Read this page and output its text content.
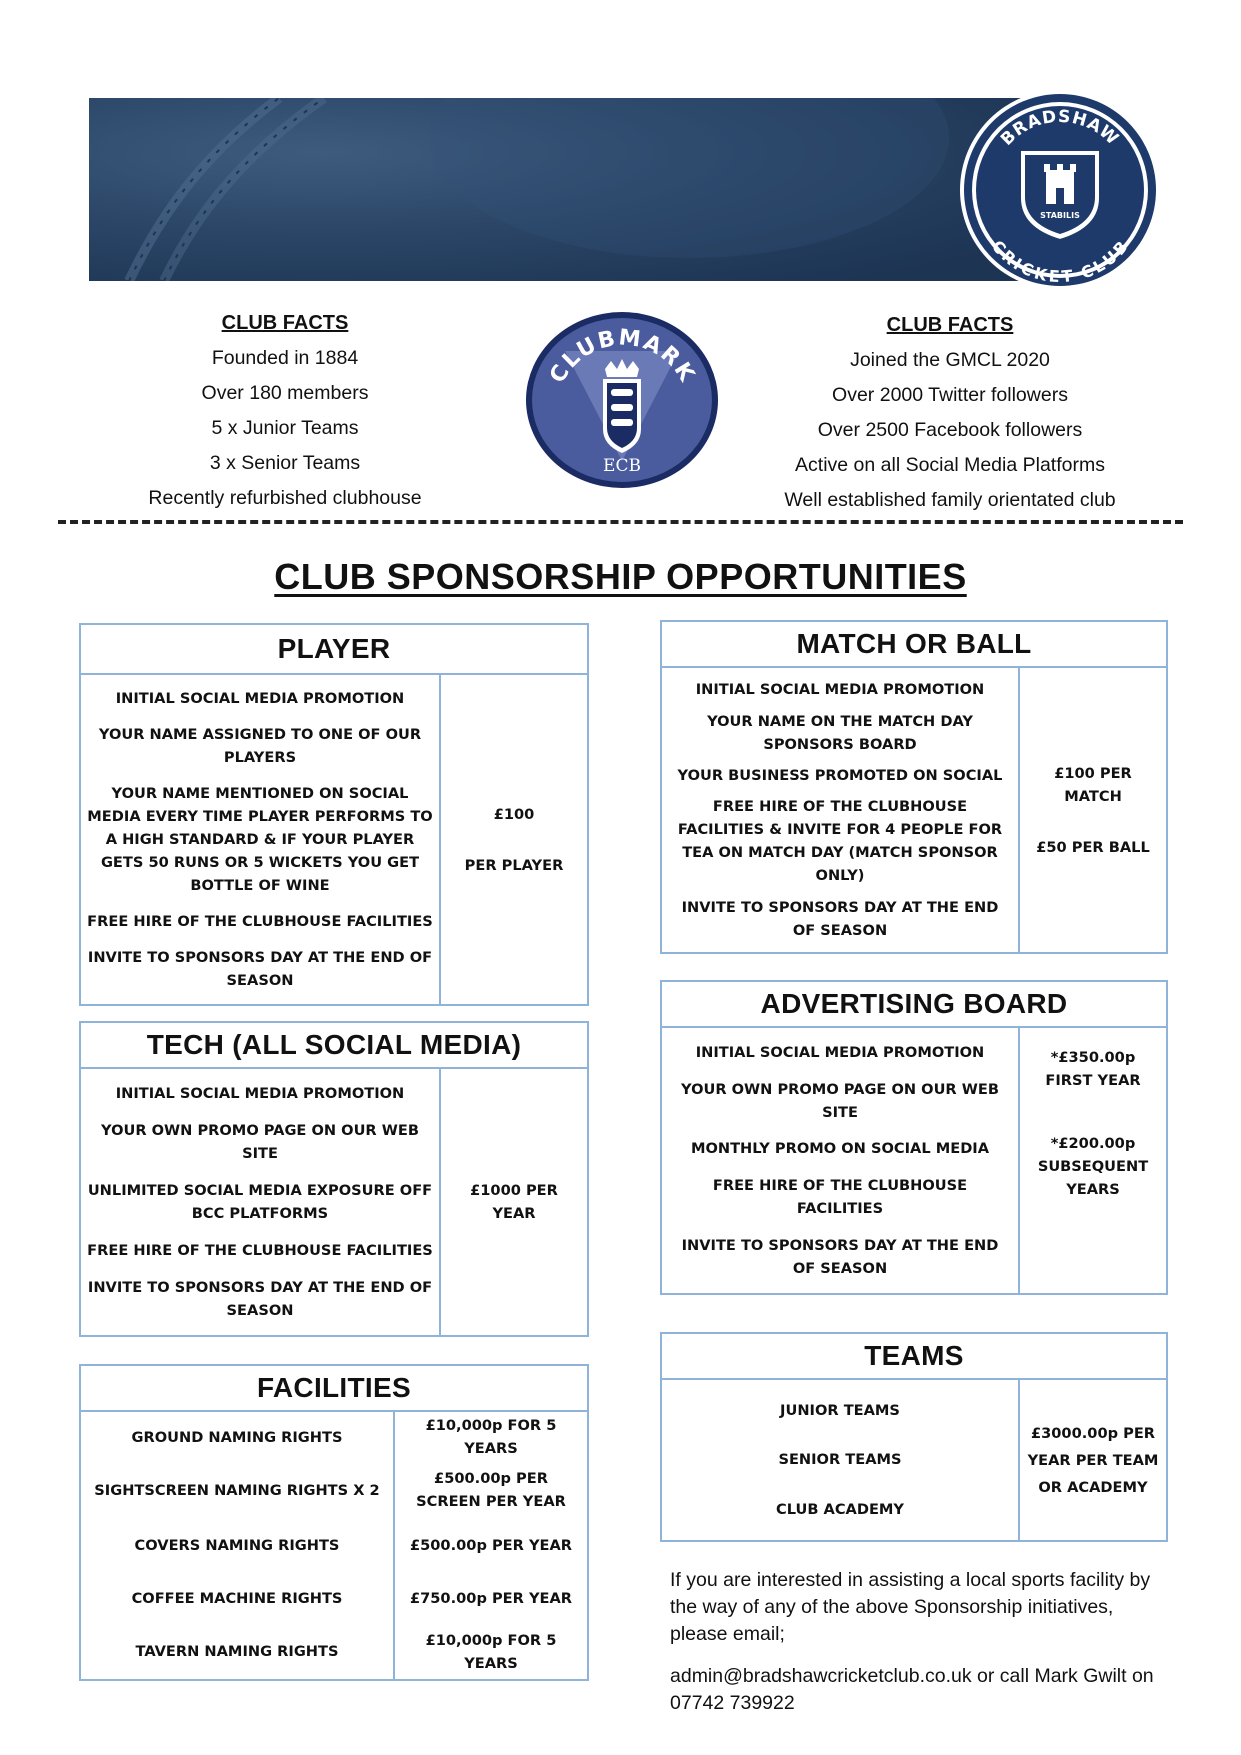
BRADSHAW
CRICKET CLUB
STABILIS
CLUB FACTS
Founded in 1884
Over 180 members
5 x Junior Teams
3 x Senior Teams
Recently refurbished clubhouse
CLUBMARK
ECB
CLUB FACTS
Joined the GMCL 2020
Over 2000 Twitter followers
Over 2500 Facebook followers
Active on all Social Media Platforms
Well established family orientated club
CLUB SPONSORSHIP OPPORTUNITIES
PLAYER
INITIAL SOCIAL MEDIA PROMOTION
YOUR NAME ASSIGNED TO ONE OF OUR PLAYERS
YOUR NAME MENTIONED ON SOCIAL MEDIA EVERY TIME PLAYER PERFORMS TO A HIGH STANDARD & IF YOUR PLAYER GETS 50 RUNS OR 5 WICKETS YOU GET BOTTLE OF WINE
FREE HIRE OF THE CLUBHOUSE FACILITIES
INVITE TO SPONSORS DAY AT THE END OF SEASON
£100
PER PLAYER
TECH (ALL SOCIAL MEDIA)
INITIAL SOCIAL MEDIA PROMOTION
YOUR OWN PROMO PAGE ON OUR WEB SITE
UNLIMITED SOCIAL MEDIA EXPOSURE OFF BCC PLATFORMS
FREE HIRE OF THE CLUBHOUSE FACILITIES
INVITE TO SPONSORS DAY AT THE END OF SEASON
£1000 PER YEAR
FACILITIES
GROUND NAMING RIGHTS
£10,000p FOR 5 YEARS
SIGHTSCREEN NAMING RIGHTS X 2
£500.00p PER SCREEN PER YEAR
COVERS NAMING RIGHTS	£500.00p PER YEAR
COFFEE MACHINE RIGHTS	£750.00p PER YEAR
TAVERN NAMING RIGHTS
£10,000p FOR 5 YEARS
MATCH OR BALL
INITIAL SOCIAL MEDIA PROMOTION
YOUR NAME ON THE MATCH DAY SPONSORS BOARD
YOUR BUSINESS PROMOTED ON SOCIAL
FREE HIRE OF THE CLUBHOUSE FACILITIES & INVITE FOR 4 PEOPLE FOR TEA ON MATCH DAY (MATCH SPONSOR ONLY)
INVITE TO SPONSORS DAY AT THE END OF SEASON
£100 PER MATCH
£50 PER BALL
ADVERTISING BOARD
INITIAL SOCIAL MEDIA PROMOTION
YOUR OWN PROMO PAGE ON OUR WEB SITE
MONTHLY PROMO ON SOCIAL MEDIA
FREE HIRE OF THE CLUBHOUSE FACILITIES
INVITE TO SPONSORS DAY AT THE END OF SEASON
*£350.00p FIRST YEAR
*£200.00p SUBSEQUENT YEARS
TEAMS
JUNIOR TEAMS
SENIOR TEAMS
CLUB ACADEMY
£3000.00p PER YEAR PER TEAM OR ACADEMY
If you are interested in assisting a local sports facility by the way of any of the above Sponsorship initiatives, please email;
admin@bradshawcricketclub.co.uk or call Mark Gwilt on 07742 739922
